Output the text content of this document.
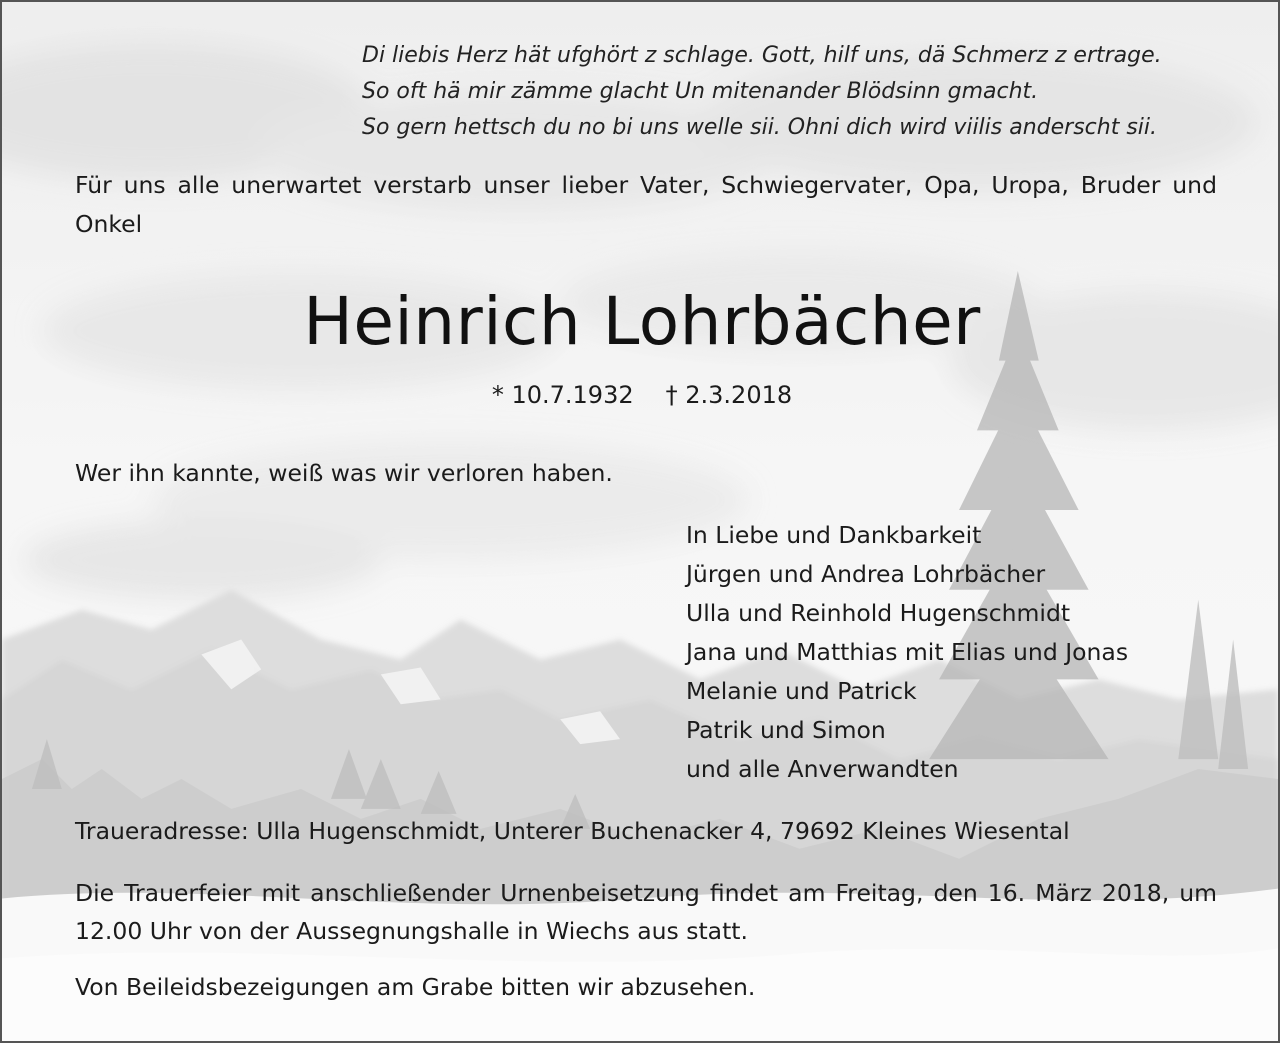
Di liebis Herz hät ufghört z schlage. Gott, hilf uns, dä Schmerz z ertrage.
So oft hä mir zämme glacht Un mitenander Blödsinn gmacht.
So gern hettsch du no bi uns welle sii. Ohni dich wird viilis anderscht sii.
Für uns alle unerwartet verstarb unser lieber Vater, Schwiegervater, Opa, Uropa, Bruder und Onkel
Heinrich Lohrbächer
* 10.7.1932 † 2.3.2018
Wer ihn kannte, weiß was wir verloren haben.
In Liebe und Dankbarkeit
Jürgen und Andrea Lohrbächer
Ulla und Reinhold Hugenschmidt
Jana und Matthias mit Elias und Jonas
Melanie und Patrick
Patrik und Simon
und alle Anverwandten
Traueradresse: Ulla Hugenschmidt, Unterer Buchenacker 4, 79692 Kleines Wiesental
Die Trauerfeier mit anschließender Urnenbeisetzung findet am Freitag, den 16. März 2018, um 12.00 Uhr von der Aussegnungshalle in Wiechs aus statt.
Von Beileidsbezeigungen am Grabe bitten wir abzusehen.
